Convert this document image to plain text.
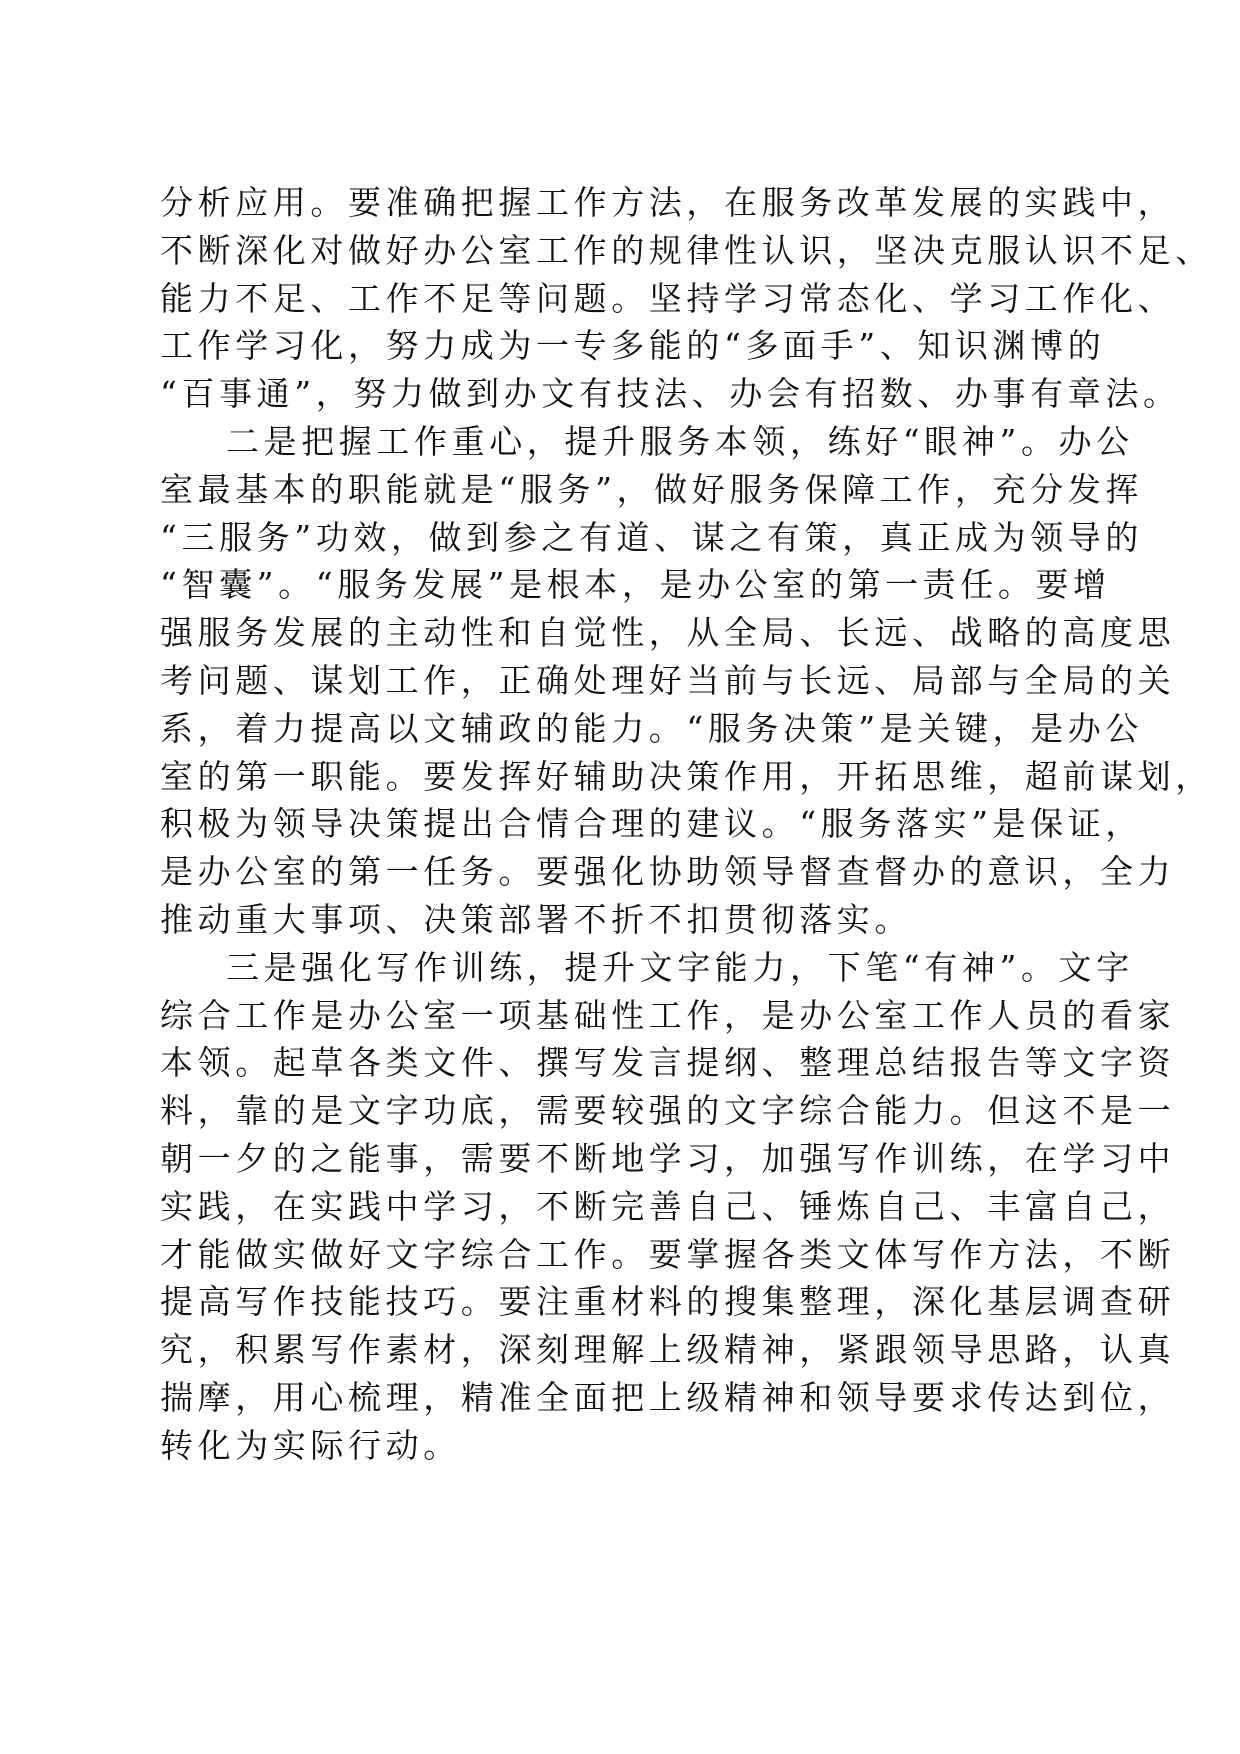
分析应用。要准确把握工作方法，在服务改革发展的实践中，
不断深化对做好办公室工作的规律性认识，坚决克服认识不足、
能力不足、工作不足等问题。坚持学习常态化、学习工作化、
工作学习化，努力成为一专多能的“多面手”、知识渊博的
“百事通”，努力做到办文有技法、办会有招数、办事有章法。
二是把握工作重心，提升服务本领，练好“眼神”。办公
室最基本的职能就是“服务”，做好服务保障工作，充分发挥
“三服务”功效，做到参之有道、谋之有策，真正成为领导的
“智囊”。“服务发展”是根本，是办公室的第一责任。要增
强服务发展的主动性和自觉性，从全局、长远、战略的高度思
考问题、谋划工作，正确处理好当前与长远、局部与全局的关
系，着力提高以文辅政的能力。“服务决策”是关键，是办公
室的第一职能。要发挥好辅助决策作用，开拓思维，超前谋划，
积极为领导决策提出合情合理的建议。“服务落实”是保证，
是办公室的第一任务。要强化协助领导督查督办的意识，全力
推动重大事项、决策部署不折不扣贯彻落实。
三是强化写作训练，提升文字能力，下笔“有神”。文字
综合工作是办公室一项基础性工作，是办公室工作人员的看家
本领。起草各类文件、撰写发言提纲、整理总结报告等文字资
料，靠的是文字功底，需要较强的文字综合能力。但这不是一
朝一夕的之能事，需要不断地学习，加强写作训练，在学习中
实践，在实践中学习，不断完善自己、锤炼自己、丰富自己，
才能做实做好文字综合工作。要掌握各类文体写作方法，不断
提高写作技能技巧。要注重材料的搜集整理，深化基层调查研
究，积累写作素材，深刻理解上级精神，紧跟领导思路，认真
揣摩，用心梳理，精准全面把上级精神和领导要求传达到位，
转化为实际行动。
